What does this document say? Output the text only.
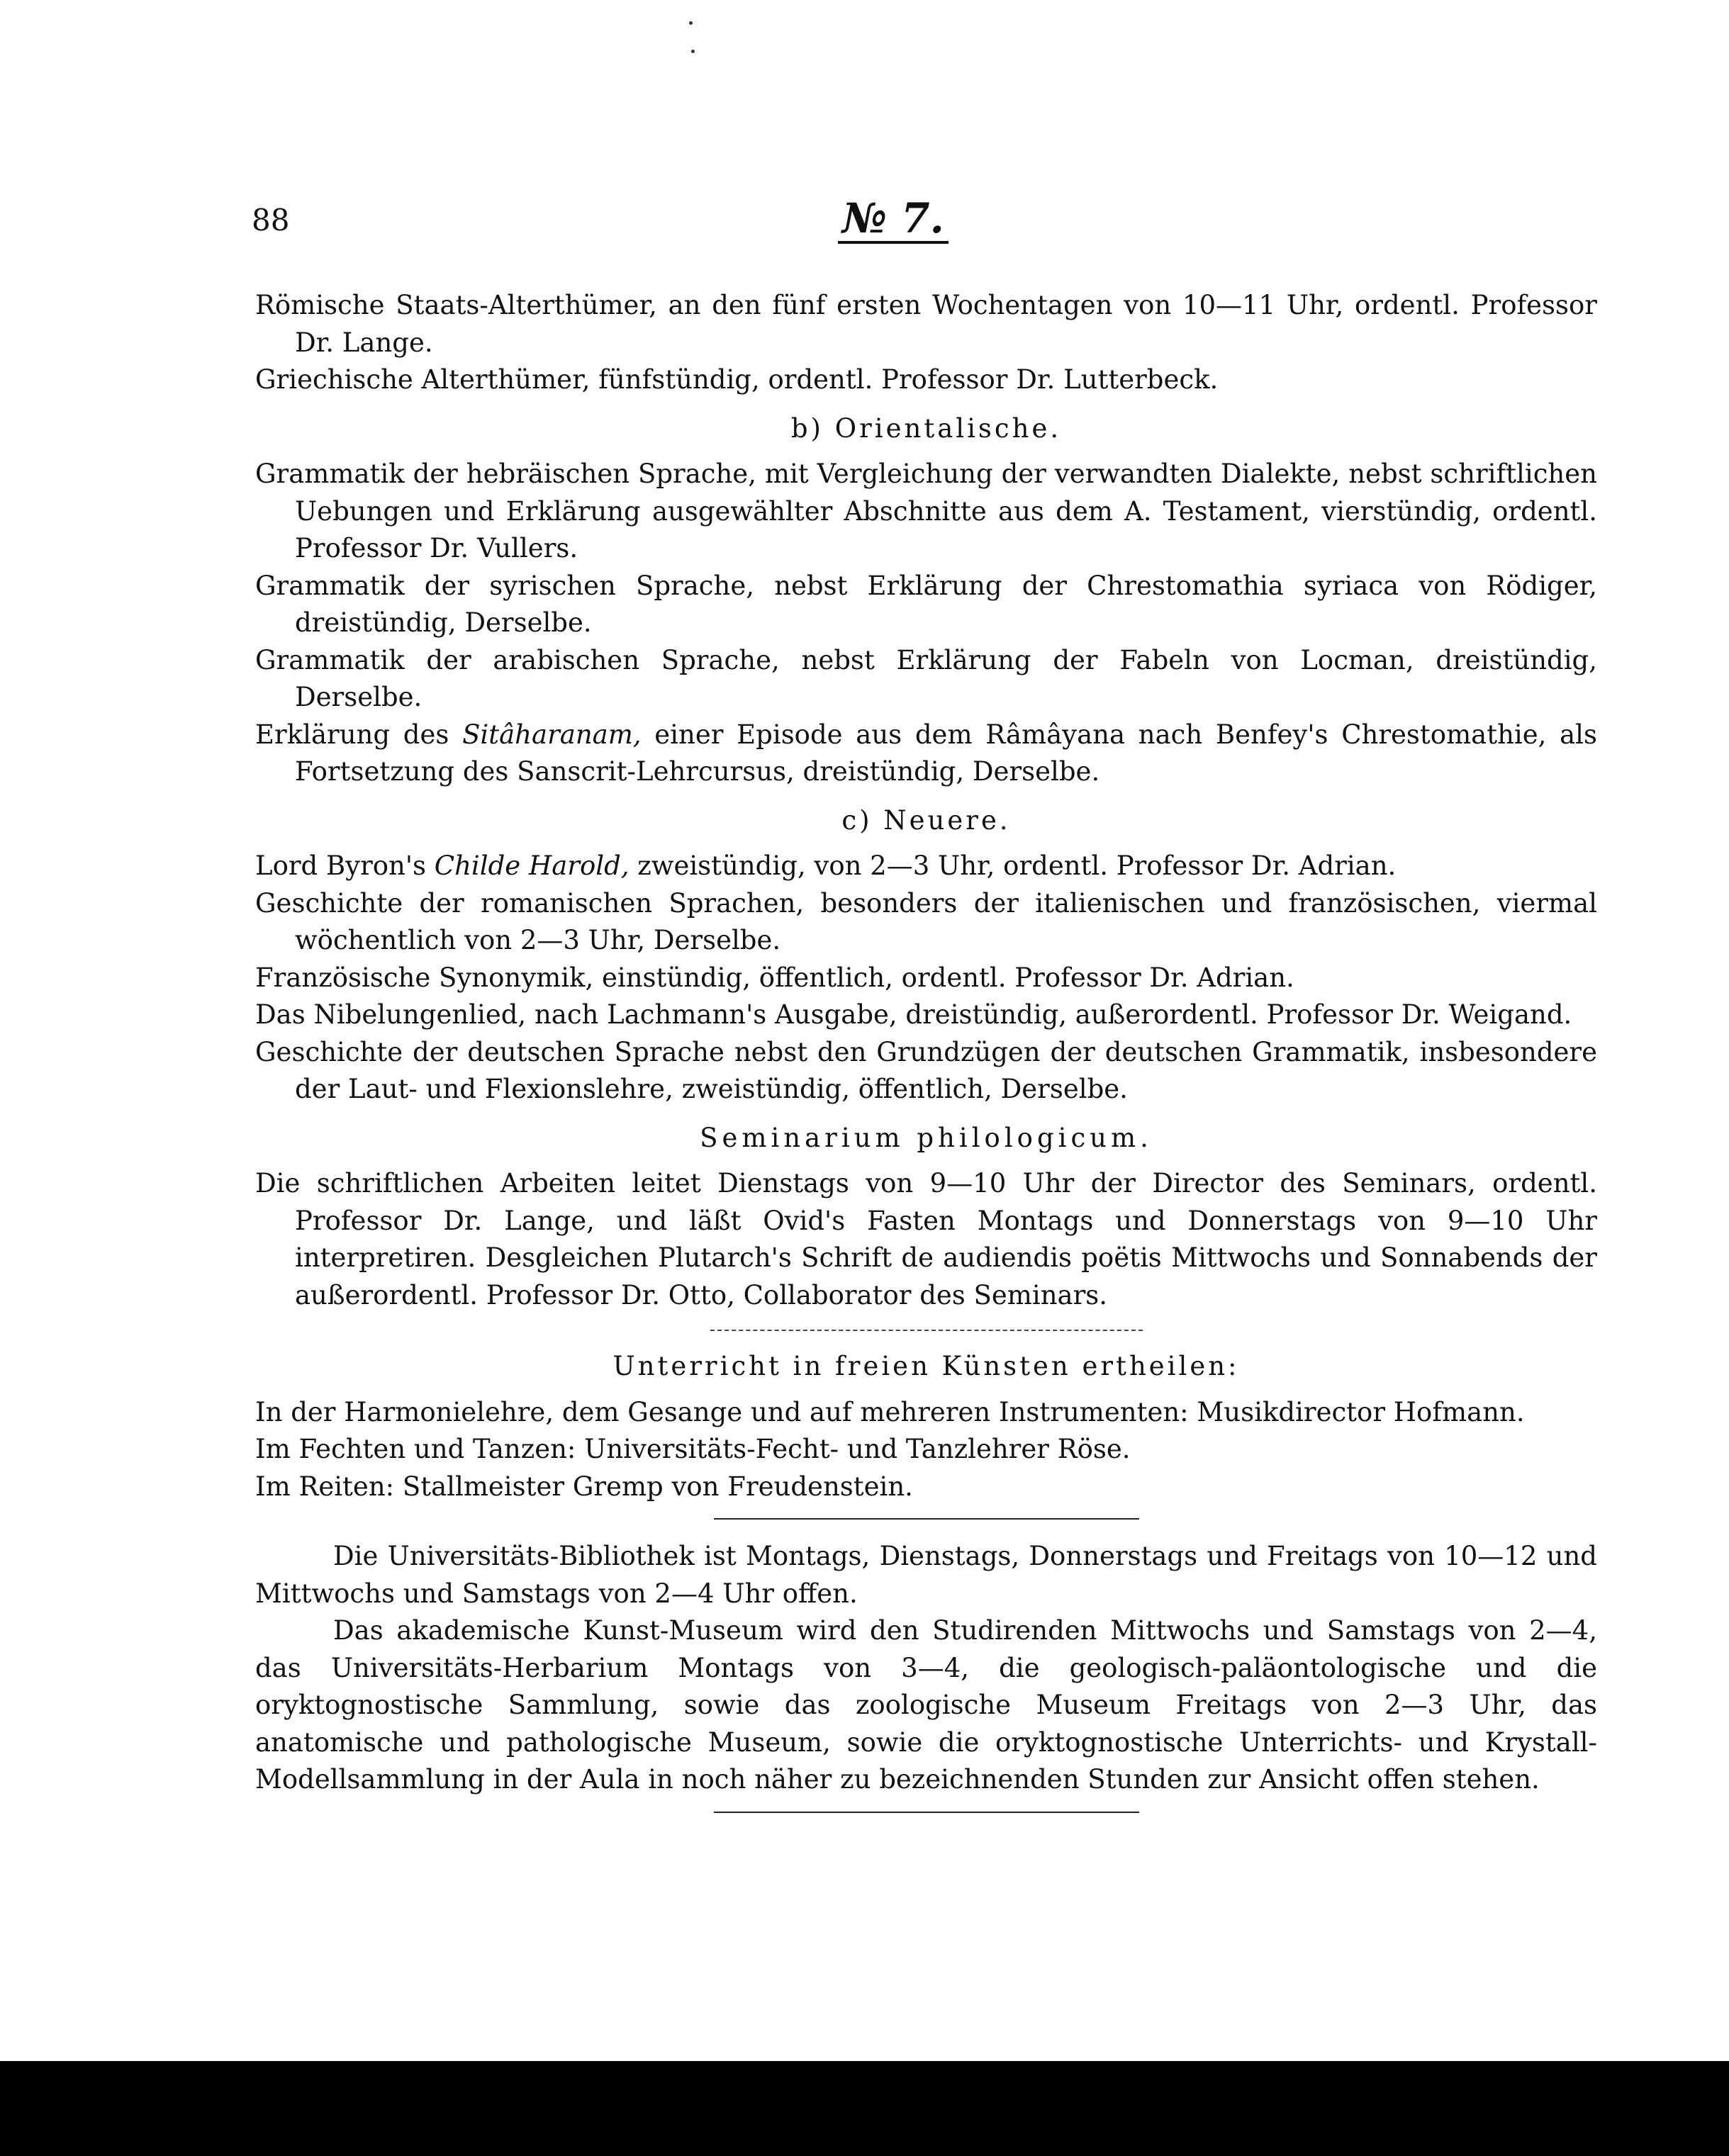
88	№ 7.

Römische Staats-Alterthümer, an den fünf ersten Wochentagen von 10—11 Uhr, ordentl. Professor Dr. Lange.

Griechische Alterthümer, fünfstündig, ordentl. Professor Dr. Lutterbeck.

b) Orientalische.

Grammatik der hebräischen Sprache, mit Vergleichung der verwandten Dialekte, nebst schriftlichen Uebungen und Erklärung ausgewählter Abschnitte aus dem A. Testament, vierstündig, ordentl. Professor Dr. Vullers.

Grammatik der syrischen Sprache, nebst Erklärung der Chrestomathia syriaca von Rödiger, dreistündig, Derselbe.

Grammatik der arabischen Sprache, nebst Erklärung der Fabeln von Locman, dreistündig, Derselbe.

Erklärung des Sitâharanam, einer Episode aus dem Râmâyana nach Benfey's Chrestomathie, als Fortsetzung des Sanscrit-Lehrcursus, dreistündig, Derselbe.

c) Neuere.

Lord Byron's Childe Harold, zweistündig, von 2—3 Uhr, ordentl. Professor Dr. Adrian.

Geschichte der romanischen Sprachen, besonders der italienischen und französischen, viermal wöchentlich von 2—3 Uhr, Derselbe.

Französische Synonymik, einstündig, öffentlich, ordentl. Professor Dr. Adrian.

Das Nibelungenlied, nach Lachmann's Ausgabe, dreistündig, außerordentl. Professor Dr. Weigand.

Geschichte der deutschen Sprache nebst den Grundzügen der deutschen Grammatik, insbesondere der Laut- und Flexionslehre, zweistündig, öffentlich, Derselbe.

Seminarium philologicum.

Die schriftlichen Arbeiten leitet Dienstags von 9—10 Uhr der Director des Seminars, ordentl. Professor Dr. Lange, und läßt Ovid's Fasten Montags und Donnerstags von 9—10 Uhr interpretiren. Desgleichen Plutarch's Schrift de audiendis poëtis Mittwochs und Sonnabends der außerordentl. Professor Dr. Otto, Collaborator des Seminars.

Unterricht in freien Künsten ertheilen:

In der Harmonielehre, dem Gesange und auf mehreren Instrumenten: Musikdirector Hofmann.

Im Fechten und Tanzen: Universitäts-Fecht- und Tanzlehrer Röse.

Im Reiten: Stallmeister Gremp von Freudenstein.

Die Universitäts-Bibliothek ist Montags, Dienstags, Donnerstags und Freitags von 10—12 und Mittwochs und Samstags von 2—4 Uhr offen.

Das akademische Kunst-Museum wird den Studirenden Mittwochs und Samstags von 2—4, das Universitäts-Herbarium Montags von 3—4, die geologisch-paläontologische und die oryktognostische Sammlung, sowie das zoologische Museum Freitags von 2—3 Uhr, das anatomische und pathologische Museum, sowie die oryktognostische Unterrichts- und Krystall-Modellsammlung in der Aula in noch näher zu bezeichnenden Stunden zur Ansicht offen stehen.
